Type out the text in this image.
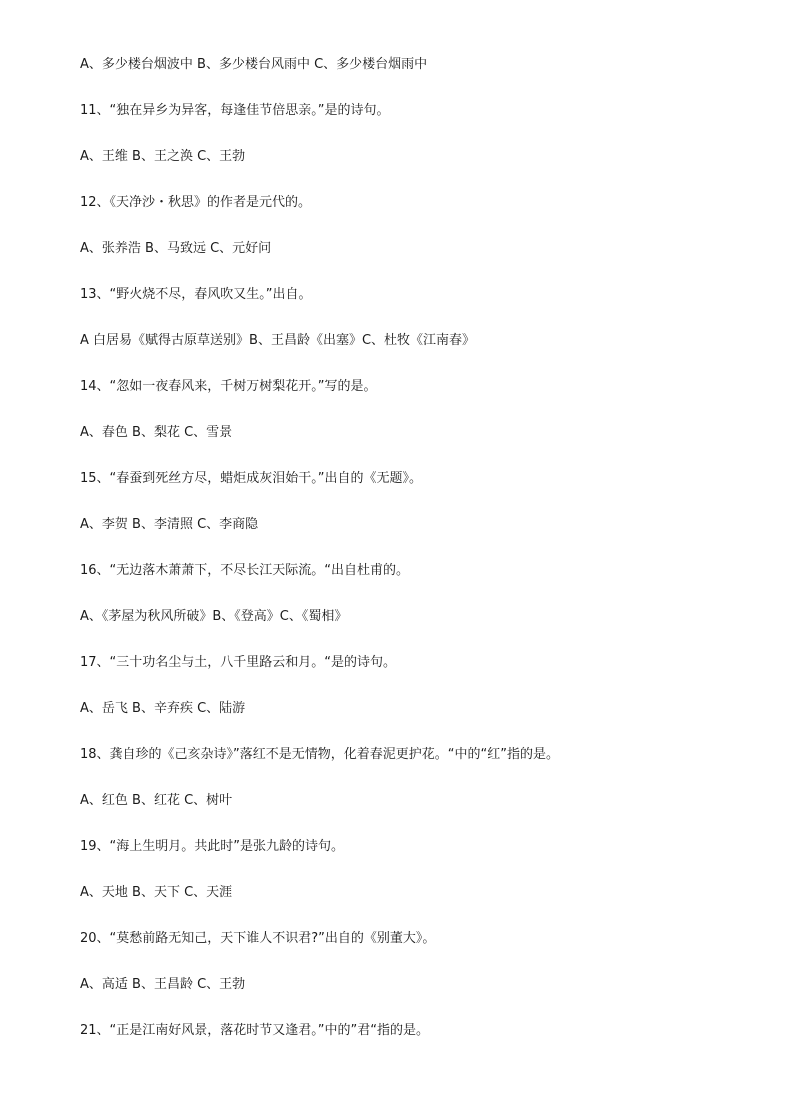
A、多少楼台烟波中 B、多少楼台风雨中 C、多少楼台烟雨中
11、“独在异乡为异客，每逢佳节倍思亲。”是的诗句。
A、王维 B、王之涣 C、王勃
12、《天净沙・秋思》的作者是元代的。
A、张养浩 B、马致远 C、元好问
13、“野火烧不尽，春风吹又生。”出自。
A 白居易《赋得古原草送别》B、王昌龄《出塞》C、杜牧《江南春》
14、“忽如一夜春风来，千树万树梨花开。”写的是。
A、春色 B、梨花 C、雪景
15、“春蚕到死丝方尽，蜡炬成灰泪始干。”出自的《无题》。
A、李贺 B、李清照 C、李商隐
16、“无边落木萧萧下，不尽长江天际流。“出自杜甫的。
A、《茅屋为秋风所破》B、《登高》C、《蜀相》
17、“三十功名尘与土，八千里路云和月。“是的诗句。
A、岳飞 B、辛弃疾 C、陆游
18、龚自珍的《己亥杂诗》”落红不是无情物，化着春泥更护花。“中的“红”指的是。
A、红色 B、红花 C、树叶
19、“海上生明月。共此时”是张九龄的诗句。
A、天地 B、天下 C、天涯
20、“莫愁前路无知己，天下谁人不识君?”出自的《别董大》。
A、高适 B、王昌龄 C、王勃
21、“正是江南好风景，落花时节又逢君。”中的”君“指的是。
